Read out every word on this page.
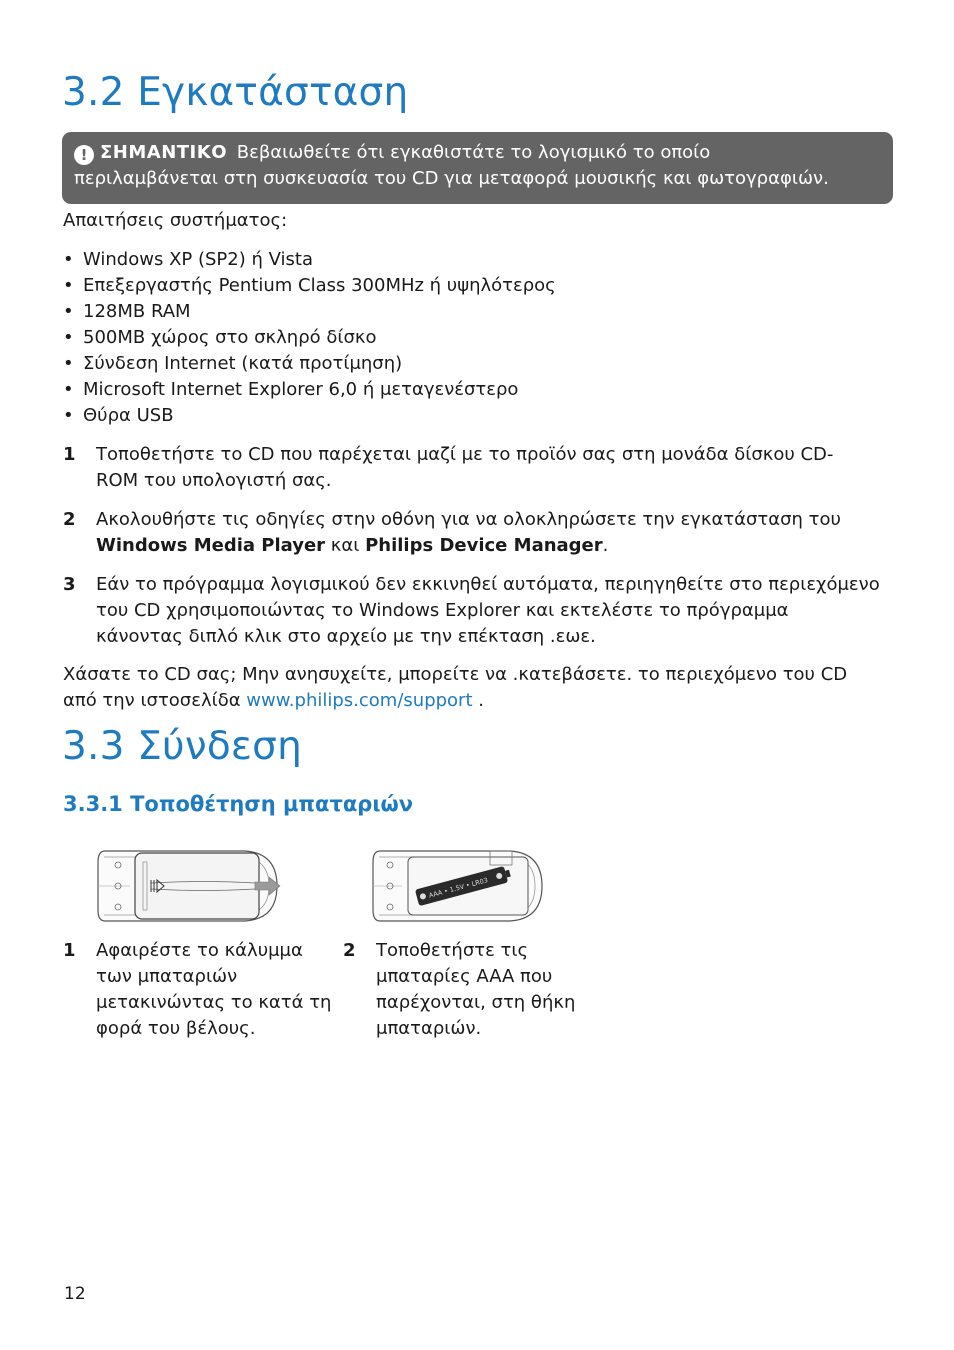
3.2 Εγκατάσταση
! ΣΗΜΑΝΤΙΚΟ Βεβαιωθείτε ότι εγκαθιστάτε το λογισμικό το οποίο
περιλαμβάνεται στη συσκευασία του CD για μεταφορά μουσικής και φωτογραφιών.
Απαιτήσεις συστήματος:
• Windows XP (SP2) ή Vista
• Επεξεργαστής Pentium Class 300MHz ή υψηλότερος
• 128MB RAM
• 500MB χώρος στο σκληρό δίσκο
• Σύνδεση Internet (κατά προτίμηση)
• Microsoft Internet Explorer 6,0 ή μεταγενέστερο
• Θύρα USB
1 Τοποθετήστε το CD που παρέχεται μαζί με το προϊόν σας στη μονάδα δίσκου CD-
ROM του υπολογιστή σας.
2 Ακολουθήστε τις οδηγίες στην οθόνη για να ολοκληρώσετε την εγκατάσταση του
Windows Media Player και Philips Device Manager.
3 Εάν το πρόγραμμα λογισμικού δεν εκκινηθεί αυτόματα, περιηγηθείτε στο περιεχόμενο
του CD χρησιμοποιώντας το Windows Explorer και εκτελέστε το πρόγραμμα
κάνοντας διπλό κλικ στο αρχείο με την επέκταση .εωε.
Χάσατε το CD σας; Μην ανησυχείτε, μπορείτε να .κατεβάσετε. το περιεχόμενο του CD
από την ιστοσελίδα www.philips.com/support .
3.3 Σύνδεση
3.3.1 Τοποθέτηση μπαταριών
AAA • 1.5V • LR03
1 Αφαιρέστε το κάλυμμα
των μπαταριών
μετακινώντας το κατά τη
φορά του βέλους.
2 Τοποθετήστε τις
μπαταρίες AAA που
παρέχονται, στη θήκη
μπαταριών.
12
